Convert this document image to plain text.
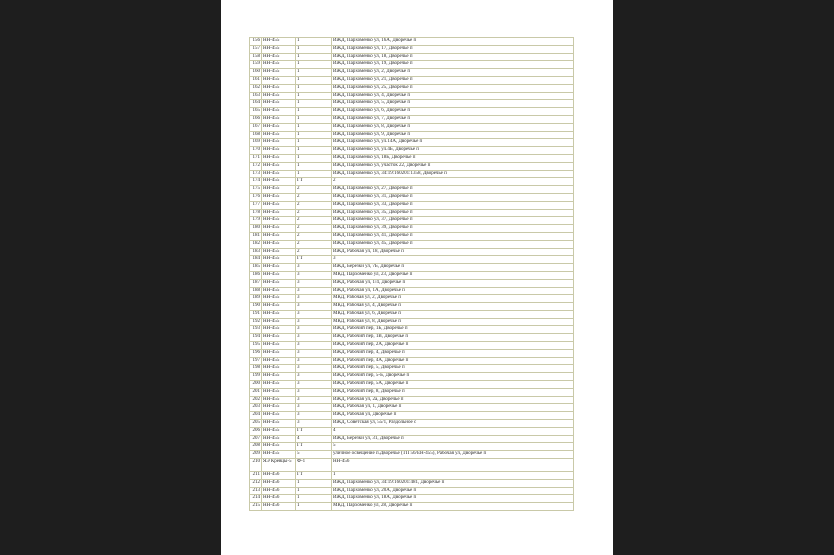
156	НН-455	1	ИЖД, Пархоменко ул, 16А, Дворечье п
157	НН-455	1	ИЖД, Пархоменко ул, 17, Дворечье п
158	НН-455	1	ИЖД, Пархоменко ул, 18, Дворечье п
159	НН-455	1	ИЖД, Пархоменко ул, 19, Дворечье п
160	НН-455	1	ИЖД, Пархоменко ул, 2, Дворечье п
161	НН-455	1	ИЖД, Пархоменко ул, 21, Дворечье п
162	НН-455	1	ИЖД, Пархоменко ул, 25, Дворечье п
163	НН-455	1	ИЖД, Пархоменко ул, 4, Дворечье п
164	НН-455	1	ИЖД, Пархоменко ул, 5, Дворечье п
165	НН-455	1	ИЖД, Пархоменко ул, 6, Дворечье п
166	НН-455	1	ИЖД, Пархоменко ул, 7, Дворечье п
167	НН-455	1	ИЖД, Пархоменко ул, 8, Дворечье п
168	НН-455	1	ИЖД, Пархоменко ул, 9, Дворечье п
169	НН-455	1	ИЖД, Пархоменко ул, ул.14А, Дворечье п
170	НН-455	1	ИЖД, Пархоменко ул, ул.4Б, Дворечье п
171	НН-455	1	ИЖД, Пархоменко ул, 18Б, Дворечье п
172	НН-455	1	ИЖД, Пархоменко ул, участок 22, Дворечье п
173	НН-455	1	ИЖД, Пархоменко ул, 34:19:160201:1358, Дворечье п
174	НН-455	ГТ	2
175	НН-455	2	ИЖД, Пархоменко ул, 27, Дворечье п
176	НН-455	2	ИЖД, Пархоменко ул, 31, Дворечье п
177	НН-455	2	ИЖД, Пархоменко ул, 33, Дворечье п
178	НН-455	2	ИЖД, Пархоменко ул, 35, Дворечье п
179	НН-455	2	ИЖД, Пархоменко ул, 37, Дворечье п
180	НН-455	2	ИЖД, Пархоменко ул, 39, Дворечье п
181	НН-455	2	ИЖД, Пархоменко ул, 41, Дворечье п
182	НН-455	2	ИЖД, Пархоменко ул, 45, Дворечье п
183	НН-455	2	ИЖД, Рабочая ул, 18, Дворечье п
184	НН-455	ГТ	3
185	НН-455	3	ИЖД, Берёзки ул, 7Б, Дворечье п
186	НН-455	3	МКД, Пархоменко ул, 23, Дворечье п
187	НН-455	3	ИЖД, Рабочая ул, 1/4, Дворечье п
188	НН-455	3	ИЖД, Рабочая ул, 1А, Дворечье п
189	НН-455	3	МКД, Рабочая ул, 2, Дворечье п
190	НН-455	3	МКД, Рабочая ул, 4, Дворечье п
191	НН-455	3	МКД, Рабочая ул, 6, Дворечье п
192	НН-455	3	МКД, Рабочая ул, 8, Дворечье п
193	НН-455	3	ИЖД, Рабочий пер, 1Б, Дворечье п
194	НН-455	3	ИЖД, Рабочий пер, 1В, Дворечье п
195	НН-455	3	ИЖД, Рабочий пер, 2А, Дворечье п
196	НН-455	3	ИЖД, Рабочий пер, 4, Дворечье п
197	НН-455	3	ИЖД, Рабочий пер, 4А, Дворечье п
198	НН-455	3	ИЖД, Рабочий пер, 5, Дворечье п
199	НН-455	3	ИЖД, Рабочий пер, 5-Б, Дворечье п
200	НН-455	3	ИЖД, Рабочий пер, 5А, Дворечье п
201	НН-455	3	ИЖД, Рабочий пер, 8, Дворечье п
202	НН-455	3	ИЖД, Рабочая ул, 2а, Дворечье п
203	НН-455	3	ИЖД, Рабочая ул, 1, Дворечье п
204	НН-455	3	ИЖД, Рабочая ул, Дворечье п
205	НН-455	3	ИЖД, Советская ул, 55/1, Раздольное с
206	НН-455	ГТ	4
207	НН-455	4	ИЖД, Берёзки ул, 31, Дворечье п
208	НН-455	ГТ	5
209	НН-455	5	уличное освещение п.Дворечье (ТП 56/ЕН-455), Рабочая ул, Дворечье п
210	ЯЭ Кревцы-5	Ф-1	НН-456
211	НН-456	ГТ	1
212	НН-456	1	ИЖД, Пархоменко ул, 34:19:160201:481, Дворечье п
213	НН-456	1	ИЖД, Пархоменко ул, 20А, Дворечье п
214	НН-456	1	ИЖД, Пархоменко ул, 18А, Дворечье п
215	НН-456	1	МКД, Пархоменко ул, 28, Дворечье п
